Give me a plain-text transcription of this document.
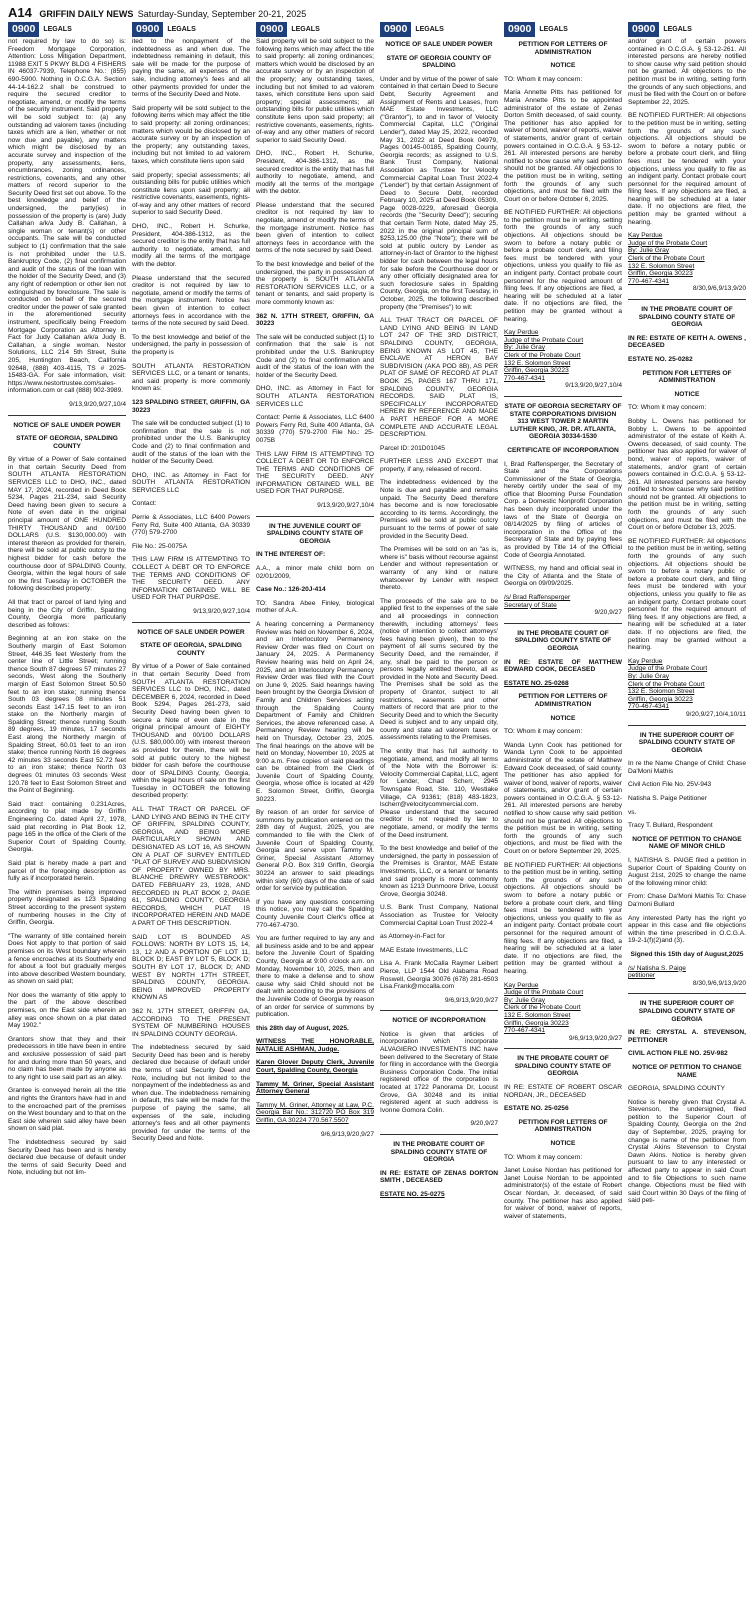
A14 GRIFFIN DAILY NEWS Saturday-Sunday, September 20-21, 2025
0900	LEGALS

not required by law to do so) is: Freedom Mortgage Corporation, Attention: Loss Mitigation Department, 11988 EXIT 5 PKWY BLDG 4 FISHERS IN 46037-7939, Telephone No.: (855) 690-5900. Nothing in O.C.G.A. Section 44-14-162.2 shall be construed to require the secured creditor to negotiate, amend, or modify the terms of the security instrument. Said property will be sold subject to: (a) any outstanding ad valorem taxes (including taxes which are a lien, whether or not now due and payable), any matters which might be disclosed by an accurate survey and inspection of the property, any assessments, liens, encumbrances, zoning ordinances, restrictions, covenants, and any other matters of record superior to the Security Deed first set out above. To the best knowledge and belief of the undersigned, the party(ies) in possession of the property is (are) Judy Callahan a/k/a Judy B. Callahan, a single woman or tenant(s) or other occupants. The sale will be conducted subject to (1) confirmation that the sale is not prohibited under the U.S. Bankruptcy Code, (2) final confirmation and audit of the status of the loan with the holder of the Security Deed, and (3) any right of redemption or other lien not extinguished by foreclosure. The sale is conducted on behalf of the secured creditor under the power of sale granted in the aforementioned security instrument, specifically being Freedom Mortgage Corporation as Attorney in Fact for Judy Callahan a/k/a Judy B. Callahan, a single woman. Nestor Solutions, LLC 214 5th Street, Suite 205, Huntington Beach, California 92648, (888) 403-4115, TS # 2025-15483-GA. For sale information, visit: https://www.nestortrustee.com/sales-information.com or call (888) 902-3989.

9/13,9/20,9/27,10/4

NOTICE OF SALE UNDER POWER
STATE OF GEORGIA, SPALDING COUNTY

By virtue of a Power of Sale contained in that certain Security Deed from SOUTH ATLANTA RESTORATION SERVICES LLC to DHO, INC., dated MAY 17, 2024, recorded in Deed Book 5234, Pages 211-234, said Security Deed having been given to secure a Note of even date in the original principal amount of ONE HUNDRED THIRTY THOUSAND and 00/100 DOLLARS (U.S. $130,000.00) with interest thereon as provided for therein, there will be sold at public outcry to the highest bidder for cash before the courthouse door of SPALDING County, Georgia, within the legal hours of sale on the first Tuesday in OCTOBER the following described property:

All that tract or parcel of land lying and being in the City of Griffin, Spalding County, Georgia more particularly described as follows:

Beginning at an iron stake on the Southerly margin of East Solomon Street, 446.35 feet Westerly from the center line of Little Street; running thence South 87 degrees 57 minutes 27 seconds, West along the Southerly margin of East Solomon Street 50.50 feet to an iron stake; running thence South 03 degrees 08 minutes 51 seconds East 147.15 feet to an iron stake on the Northerly margin of Spalding Street; thence running South 89 degrees, 19 minutes, 17 seconds East along the Northerly margin of Spalding Street, 60.01 feet to an iron stake; thence running North 16 degrees 42 minutes 33 seconds East 52.72 feet to an iron stake; thence North 03 degrees 01 minutes 03 seconds West 120.78 feet to East Solomon Street and the Point of Beginning.

Said tract containing 0.231Acres, according to plat made by Griffin Engineering Co. dated April 27, 1978, said plat recording in Plat Book 12, page 165 in the office of the Clerk of the Superior Court of Spalding County, Georgia.

Said plat is hereby made a part and parcel of the foregoing description as fully as if incorporated herein.

The within premises being improved property designated as 123 Spalding Street according to the present system of numbering houses in the City of Griffin, Georgia.

"The warranty of title contained herein Does Not apply to that portion of said premises on its West boundary wherein a fence encroaches at its Southerly end for about a foot but gradually merges into above described Western boundary, as shown on said plat;

Nor does the warranty of title apply to the part of the above described premises, on the East side wherein an alley was once shown on a plat dated May 1902."

Grantors show that they and their predecessors in title have been in entire and exclusive possession of said part for and during more than 50 years, and no claim has been made by anyone as to any right to use said part as an alley.

Grantee is conveyed herein all the title and rights the Grantors have had in and to the encroached part of the premises on the West boundary and to that on the East side wherein said alley have been shown on said plat.

The indebtedness secured by said Security Deed has been and is hereby declared due because of default under the terms of said Security Deed and Note, including but not lim-

0900	LEGALS

ited to the nonpayment of the indebtedness as and when due. The indebtedness remaining in default, this sale will be made for the purpose of paying the same, all expenses of the sale, including attorney's fees and all other payments provided for under the terms of the Security Deed and Note.

Said property will be sold subject to the following items which may affect the title to said property: all zoning ordinances; matters which would be disclosed by an accurate survey or by an inspection of the property; any outstanding taxes, including but not limited to ad valorem taxes, which constitute liens upon said

said property; special assessments; all outstanding bills for public utilities which constitute liens upon said property; all restrictive covenants, easements, rights-of-way and any other matters of record superior to said Security Deed.

DHO, INC., Robert H. Schurke, President, 404-386-1312, as the secured creditor is the entity that has full authority to negotiate, amend, and modify all the terms of the mortgage with the debtor.

Please understand that the secured creditor is not required by law to negotiate, amend or modify the terms of the mortgage instrument. Notice has been given of intention to collect attorneys fees in accordance with the terms of the note secured by said Deed.

To the best knowledge and belief of the undersigned, the party in possession of the property is

SOUTH ATLANTA RESTORATION SERVICES LLC, or a tenant or tenants, and said property is more commonly known as:

123 SPALDING STREET, GRIFFIN, GA 30223

The sale will be conducted subject (1) to confirmation that the sale is not prohibited under the U.S. Bankruptcy Code and (2) to final confirmation and audit of the status of the loan with the holder of the Security Deed.

DHO, INC. as Attorney in Fact for SOUTH ATLANTA RESTORATION SERVICES LLC

Contact:

Perrie & Associates, LLC 6400 Powers Ferry Rd, Suite 400 Atlanta, GA 30339 (770) 579-2700

File No.: 25-0075A

THIS LAW FIRM IS ATTEMPTING TO COLLECT A DEBT OR TO ENFORCE THE TERMS AND CONDITIONS OF THE SECURITY DEED. ANY INFORMATION OBTAINED WILL BE USED FOR THAT PURPOSE.

9/13,9/20,9/27,10/4

NOTICE OF SALE UNDER POWER
STATE OF GEORGIA, SPALDING COUNTY

By virtue of a Power of Sale contained in that certain Security Deed from SOUTH ATLANTA RESTORATION SERVICES LLC to DHO, INC., dated DECEMBER 6, 2024, recorded in Deed Book 5294, Pages 261-273, said Security Deed having been given to secure a Note of even date in the original principal amount of EIGHTY THOUSAND and 00/100 DOLLARS (U.S. $80,000.00) with interest thereon as provided for therein, there will be sold at public outcry to the highest bidder for cash before the courthouse door of SPALDING County, Georgia, within the legal hours of sale on the first Tuesday in OCTOBER the following described property:

ALL THAT TRACT OR PARCEL OF LAND LYING AND BEING IN THE CITY OF GRIFFIN, SPALDING COUNTY, GEORGIA, AND BEING MORE PARTICULARLY SHOWN AND DESIGNATED AS LOT 16, AS SHOWN ON A PLAT OF SURVEY ENTITLED "PLAT OF SURVEY AND SUBDIVISION OF PROPERTY OWNED BY MRS. BLANCHE DREWRY WESTBROOK" DATED FEBRUARY 23, 1928, AND RECORDED IN PLAT BOOK 2, PAGE 61, SPALDING COUNTY, GEORGIA RECORDS, WHICH PLAT IS INCORPORATED HEREIN AND MADE A PART OF THIS DESCRIPTION.

SAID LOT IS BOUNDED AS FOLLOWS: NORTH BY LOTS 15, 14, 13, 12 AND A PORTION OF LOT 11, BLOCK D; EAST BY LOT 5, BLOCK D; SOUTH BY LOT 17, BLOCK D; AND WEST BY NORTH 17TH STREET, SPALDING COUNTY, GEORGIA. BEING IMPROVED PROPERTY KNOWN AS

362 N. 17TH STREET, GRIFFIN GA, ACCORDING TO THE PRESENT SYSTEM OF NUMBERING HOUSES IN SPALDING COUNTY GEORGIA.

The indebtedness secured by said Security Deed has been and is hereby declared due because of default under the terms of said Security Deed and Note, including but not limited to the nonpayment of the indebtedness as and when due. The indebtedness remaining in default, this sale will be made for the purpose of paying the same, all expenses of the sale, including attorney's fees and all other payments provided for under the terms of the Security Deed and Note.

0900	LEGALS

Said property will be sold subject to the following items which may affect the title to said property: all zoning ordinances; matters which would be disclosed by an accurate survey or by an inspection of the property; any outstanding taxes, including but not limited to ad valorem taxes, which constitute liens upon said property; special assessments; all outstanding bills for public utilities which constitute liens upon said property; all restrictive covenants, easements, rights-of-way and any other matters of record superior to said Security Deed.

DHO, INC., Robert H. Schurke, President, 404-386-1312, as the secured creditor is the entity that has full authority to negotiate, amend, and modify all the terms of the mortgage with the debtor.

Please understand that the secured creditor is not required by law to negotiate, amend or modify the terms of the mortgage instrument. Notice has been given of intention to collect attorneys fees in accordance with the terms of the note secured by said Deed.

To the best knowledge and belief of the undersigned, the party in possession of the property is SOUTH ATLANTA RESTORATION SERVICES LLC, or a tenant or tenants, and said property is more commonly known as:

362 N. 17TH STREET, GRIFFIN, GA 30223

The sale will be conducted subject (1) to confirmation that the sale is not prohibited under the U.S. Bankruptcy Code and (2) to final confirmation and audit of the status of the loan with the holder of the Security Deed.

DHO, INC. as Attorney in Fact for SOUTH ATLANTA RESTORATION SERVICES LLC

Contact: Perrie & Associates, LLC 6400 Powers Ferry Rd, Suite 400 Atlanta, GA 30339 (770) 579-2700 File No.: 25-0075B

THIS LAW FIRM IS ATTEMPTING TO COLLECT A DEBT OR TO ENFORCE THE TERMS AND CONDITIONS OF THE SECURITY DEED. ANY INFORMATION OBTAINED WILL BE USED FOR THAT PURPOSE.

9/13,9/20,9/27,10/4

IN THE JUVENILE COURT OF SPALDING COUNTY STATE OF GEORGIA

IN THE INTEREST OF:

A.A., a minor male child born on 02/01/2009,

Case No.: 126-20J-414

TO: Sandra Abee Finley, biological mother of A.A.

A hearing concerning a Permanency Review was held on November 6, 2024, and an Interlocutory Permanency Review Order was filed on Court on January 24, 2025. A Permanency Review hearing was held on April 24, 2025, and an Interlocutory Permanency Review Order was filed with the Court on June 9, 2025. Said hearings having been brought by the Georgia Division of Family and Children Services acting through the Spalding County Department of Family and Children Services, the above referenced case. A Permanency Review hearing will be held on Thursday, October 23, 2025. The final hearings on the above will be held on Monday, November 10, 2025 at 9:00 a.m. Free copies of said pleadings can be obtained from the Clerk of Juvenile Court of Spalding County, Georgia, whose office is located at 429 E. Solomon Street, Griffin, Georgia 30223.

By reason of an order for service of summons by publication entered on the 28th day of August, 2025, you are commanded to file with the Clerk of Juvenile Court of Spalding County, Georgia and serve upon Tammy M. Griner, Special Assistant Attorney General P.O. Box 319 Griffin, Georgia 30224 an answer to said pleadings within sixty (60) days of the date of said order for service by publication.

If you have any questions concerning this notice, you may call the Spalding County Juvenile Court Clerk's office at 770-467-4730.

You are further required to lay any and all business aside and to be and appear before the Juvenile Court of Spalding County, Georgia at 9:00 o'clock a.m. on Monday, November 10, 2025, then and there to make a defense and to show cause why said Child should not be dealt with according to the provisions of the Juvenile Code of Georgia by reason of an order for service of summons by publication.

this 28th day of August, 2025.

WITNESS THE HONORABLE, NATALIE ASHMAN, Judge.

Karen Glover Deputy Clerk, Juvenile Court, Spalding County, Georgia

Tammy M. Griner, Special Assistant Attorney General

Tammy M. Griner, Attorney at Law, P.C. Georgia Bar No.: 312720 PO Box 319 Griffin, GA 30224 770.567.5507

9/6,9/13,9/20,9/27

0900	LEGALS
NOTICE OF SALE UNDER POWER
STATE OF GEORGIA COUNTY OF SPALDING

Under and by virtue of the power of sale contained in that certain Deed to Secure Debt, Security Agreement and Assignment of Rents and Leases, from MAE Estate Investments, LLC ("Grantor"), to and in favor of Velocity Commercial Capital, LLC ("Original Lender"), dated May 25, 2022, recorded May 31, 2022 at Deed Book 04979, Pages 00145-00185, Spalding County, Georgia records; as assigned to U.S. Bank Trust Company, National Association as Trustee for Velocity Commercial Capital Loan Trust 2022-4 ("Lender") by that certain Assignment of Deed to Secure Debt, recorded February 10, 2025 at Deed Book 05309, Page 0028-0229, aforesaid Georgia records (the "Security Deed"); securing that certain Term Note, dated May 25, 2022 in the original principal sum of $253,125.00 (the "Note"); there will be sold at public outcry by Lender as attorney-in-fact of Grantor to the highest bidder for cash between the legal hours for sale before the Courthouse door or any other officially designated area for such foreclosure sales in Spalding County, Georgia, on the first Tuesday, in October, 2025, the following described property (the "Premises") to wit:

ALL THAT TRACT OR PARCEL OF LAND LYING AND BEING IN LAND LOT 247 OF THE 3RD DISTRICT, SPALDING COUNTY, GEORGIA, BEING KNOWN AS LOT 45, THE ENCLAVE AT HERON BAY SUBDIVISION (AKA POD 8B), AS PER PLAT OF SAME OF RECORD AT PLAT BOOK 25, PAGES 167 THRU 171, SPALDING COUNTY, GEORGIA RECORDS. SAID PLAT IS, SPECIFICALLY INCORPORATED HEREIN BY REFERENCE AND MADE A PART HEREOF FOR A MORE COMPLETE AND ACCURATE LEGAL DESCRIPTION.

Parcel ID: 201D01045

FURTHER LESS AND EXCEPT that property, if any, released of record.

The indebtedness evidenced by the Note is due and payable and remains unpaid. The Security Deed therefore has become and is now foreclosable according to its terms. Accordingly, the Premises will be sold at public outcry pursuant to the terms of power of sale provided in the Security Deed.

The Premises will be sold on an "as is, where is" basis without recourse against Lender and without representation or warranty of any kind or nature whatsoever by Lender with respect thereto.

The proceeds of the sale are to be applied first to the expenses of the sale and all proceedings in connection therewith, including attorneys' fees (notice of intention to collect attorneys' fees having been given), then to the payment of all sums secured by the Security Deed, and the remainder, if any, shall be paid to the person or persons legally entitled thereto, all as provided in the Note and Security Deed. The Premises shall be sold as the property of Grantor, subject to all restrictions, easements and other matters of record that are prior to the Security Deed and to which the Security Deed is subject and to any unpaid city, county and state ad valorem taxes or assessments relating to the Premises.

The entity that has full authority to negotiate, amend, and modify all terms of the Note with the Borrower is: Velocity Commercial Capital, LLC, agent for Lender, Chad Scherr, 2945 Townsgate Road, Ste. 110, Westlake Village, CA 91361; (818) 483-1823, lscherr@velocitycommercial.com. Please understand that the secured creditor is not required by law to negotiate, amend, or modify the terms of the Deed instrument.

To the best knowledge and belief of the undersigned, the party in possession of the Premises is Grantor, MAE Estate Investments, LLC, or a tenant or tenants and said property is more commonly known as 1213 Dunmoore Drive, Locust Grove, Georgia 30248.

U.S. Bank Trust Company, National Association as Trustee for Velocity Commercial Capital Loan Trust 2022-4

as Attorney-in-Fact for

MAE Estate Investments, LLC

Lisa A. Frank McCalla Raymer Leibert Pierce, LLP 1544 Old Alabama Road Roswell, Georgia 30076 (678) 281-6503 Lisa.Frank@mccalla.com

9/6,9/13,9/20,9/27

NOTICE OF INCORPORATION

Notice is given that articles of incorporation which incorporate ALVAGIERO INVESTMENTS INC have been delivered to the Secretary of State for filing in accordance with the Georgia Business Corporation Code. The initial registered office of the corporation is located at 1722 Panorama Dr, Locust Grove, GA 30248 and its initial registered agent at such address is Ivonne Gomora Colin.

9/20,9/27

IN THE PROBATE COURT OF SPALDING COUNTY STATE OF GEORGIA

IN RE: ESTATE OF ZENAS DORTON SMITH , DECEASED

ESTATE NO. 25-0275

0900	LEGALS
PETITION FOR LETTERS OF ADMINISTRATION
NOTICE

TO: Whom it may concern:

Maria Annette Pitts has petitioned for Maria Annette Pitts to be appointed administrator of the estate of Zenas Dorton Smith deceased, of said county. The petitioner has also applied for waiver of bond, waiver of reports, waiver of statements, and/or grant of certain powers contained in O.C.G.A. § 53-12-261. All interested persons are hereby notified to show cause why said petition should not be granted. All objections to the petition must be in writing, setting forth the grounds of any such objections, and must be filed with the Court on or before October 6, 2025.

BE NOTIFIED FURTHER: All objections to the petition must be in writing, setting forth the grounds of any such objections. All objections should be sworn to before a notary public or before a probate court clerk, and filing fees must be tendered with your objections, unless you qualify to file as an indigent party. Contact probate court personnel for the required amount of filing fees. If any objections are filed, a hearing will be scheduled at a later date. If no objections are filed, the petition may be granted without a hearing.

Kay Perdue
Judge of the Probate Court
By: Julie Gray
Clerk of the Probate Court
132 E. Solomon Street
Griffin, Georgia 30223
770-467-4341

9/13,9/20,9/27,10/4

STATE OF GEORGIA SECRETARY OF STATE CORPORATIONS DIVISION 313 WEST TOWER 2 MARTIN LUTHER KING, JR. DR. ATLANTA, GEORGIA 30334-1530
CERTIFICATE OF INCORPORATION

I, Brad Raffensperger, the Secretary of State and the Corporations Commissioner of the State of Georgia, hereby certify under the seal of my office that Blooming Purse Foundation Corp. a Domestic Nonprofit Corporation has been duly incorporated under the laws of the State of Georgia on 08/14/2025 by filing of articles of incorporation in the Office of the Secretary of State and by paying fees as provided by Title 14 of the Official Code of Georgia Annotated.

WITNESS, my hand and official seal in the City of Atlanta and the State of Georgia on 09/09/2025.

/s/ Brad Raffensperger
Secretary of State

9/20,9/27

IN THE PROBATE COURT OF SPALDING COUNTY STATE OF GEORGIA

IN RE: ESTATE OF MATTHEW EDWARD COOK, DECEASED

ESTATE NO. 25-0268

PETITION FOR LETTERS OF ADMINISTRATION
NOTICE

TO: Whom it may concern:

Wanda Lynn Cook has petitioned for Wanda Lynn Cook to be appointed administrator of the estate of Matthew Edward Cook deceased, of said county. The petitioner has also applied for waiver of bond, waiver of reports, waiver of statements, and/or grant of certain powers contained in O.C.G.A. § 53-12-261. All interested persons are hereby notified to show cause why said petition should not be granted. All objections to the petition must be in writing, setting forth the grounds of any such objections, and must be filed with the Court on or before September 29, 2025.

BE NOTIFIED FURTHER: All objections to the petition must be in writing, setting forth the grounds of any such objections. All objections should be sworn to before a notary public or before a probate court clerk, and filing fees must be tendered with your objections, unless you qualify to file as an indigent party. Contact probate court personnel for the required amount of filing fees. If any objections are filed, a hearing will be scheduled at a later date. If no objections are filed, the petition may be granted without a hearing.

Kay Perdue
Judge of the Probate Court
By: Julie Gray
Clerk of the Probate Court
132 E. Solomon Street
Griffin, Georgia 30223
770-467-4341

9/6,9/13,9/20,9/27

IN THE PROBATE COURT OF SPALDING COUNTY STATE OF GEORGIA

IN RE: ESTATE OF ROBERT OSCAR NORDAN, JR., DECEASED

ESTATE NO. 25-0256

PETITION FOR LETTERS OF ADMINISTRATION
NOTICE

TO: Whom it may concern:

Janet Louise Nordan has petitioned for Janet Louise Nordan to be appointed administrator(s) of the estate of Robert Oscar Nordan, Jr. deceased, of said county. The petitioner has also applied for waiver of bond, waiver of reports, waiver of statements,

0900	LEGALS

and/or grant of certain powers contained in O.C.G.A. § 53-12-261. All interested persons are hereby notified to show cause why said petition should not be granted. All objections to the petition must be in writing, setting forth the grounds of any such objections, and must be filed with the Court on or before September 22, 2025.

BE NOTIFIED FURTHER: All objections to the petition must be in writing, setting forth the grounds of any such objections. All objections should be sworn to before a notary public or before a probate court clerk, and filing fees must be tendered with your objections, unless you qualify to file as an indigent party. Contact probate court personnel for the required amount of filing fees. If any objections are filed, a hearing will be scheduled at a later date. If no objections are filed, the petition may be granted without a hearing.

Kay Perdue
Judge of the Probate Court
By: Julie Gray
Clerk of the Probate Court
132 E. Solomon Street
Griffin, Georgia 30223
770-467-4341

8/30,9/6,9/13,9/20

IN THE PROBATE COURT OF SPALDING COUNTY STATE OF GEORGIA

IN RE: ESTATE OF KEITH A. OWENS , DECEASED

ESTATE NO. 25-0282

PETITION FOR LETTERS OF ADMINISTRATION
NOTICE

TO: Whom it may concern:

Bobby L. Owens has petitioned for Bobby L. Owens to be appointed administrator of the estate of Keith A. Owens deceased, of said county. The petitioner has also applied for waiver of bond, waiver of reports, waiver of statements, and/or grant of certain powers contained in O.C.G.A. § 53-12-261. All interested persons are hereby notified to show cause why said petition should not be granted. All objections to the petition must be in writing, setting forth the grounds of any such objections, and must be filed with the Court on or before October 13, 2025.

BE NOTIFIED FURTHER: All objections to the petition must be in writing, setting forth the grounds of any such objections. All objections should be sworn to before a notary public or before a probate court clerk, and filing fees must be tendered with your objections, unless you qualify to file as an indigent party. Contact probate court personnel for the required amount of filing fees. If any objections are filed, a hearing will be scheduled at a later date. If no objections are filed, the petition may be granted without a hearing.

Kay Perdue
Judge of the Probate Court
By: Julie Gray
Clerk of the Probate Court
132 E. Solomon Street
Griffin, Georgia 30223
770-467-4341

9/20,9/27,10/4,10/11

IN THE SUPERIOR COURT OF SPALDING COUNTY STATE OF GEORGIA

In re the Name Change of Child: Chase Da'Moni Mathis

Civil Action File No. 25V-943

Natisha S. Paige Petitioner

vs.

Tracy T. Bullard, Respondent

NOTICE OF PETITION TO CHANGE NAME OF MINOR CHILD

I, NATISHA S. PAIGE filed a petition in Superior Court of Spalding County on August 21st, 2025 to change the name of the following minor child:

From: Chase Da'Moni Mathis To: Chase Da'moni Bullard

Any interested Party has the right yo appear in this case and file objections within the time prescribed in O.C.G.A. 19-2-1(f)(2)and (3).

Signed this 15th day of August,2025
/s/ Natisha S. Paige
petitioner

8/30,9/6,9/13,9/20

IN THE SUPERIOR COURT OF SPALDING COUNTY STATE OF GEORGIA

IN RE: CRYSTAL A. STEVENSON, PETITIONER

CIVIL ACTION FILE NO. 25V-982

NOTICE OF PETITION TO CHANGE NAME

GEORGIA, SPALDING COUNTY

Notice is hereby given that Crystal A. Stevenson, the undersigned, filed petition to the Superior Court of Spalding County, Georgia on the 2nd day of September, 2025, praying for change is name of the petitioner from Crystal Akins Stevenson to Crystal Dawn Akins. Notice is hereby given pursuant to law to any interested or affected party to appear in said Court and to file Objections to such name change. Objections must be filed with said Court within 30 Days of the filing of said peti-
